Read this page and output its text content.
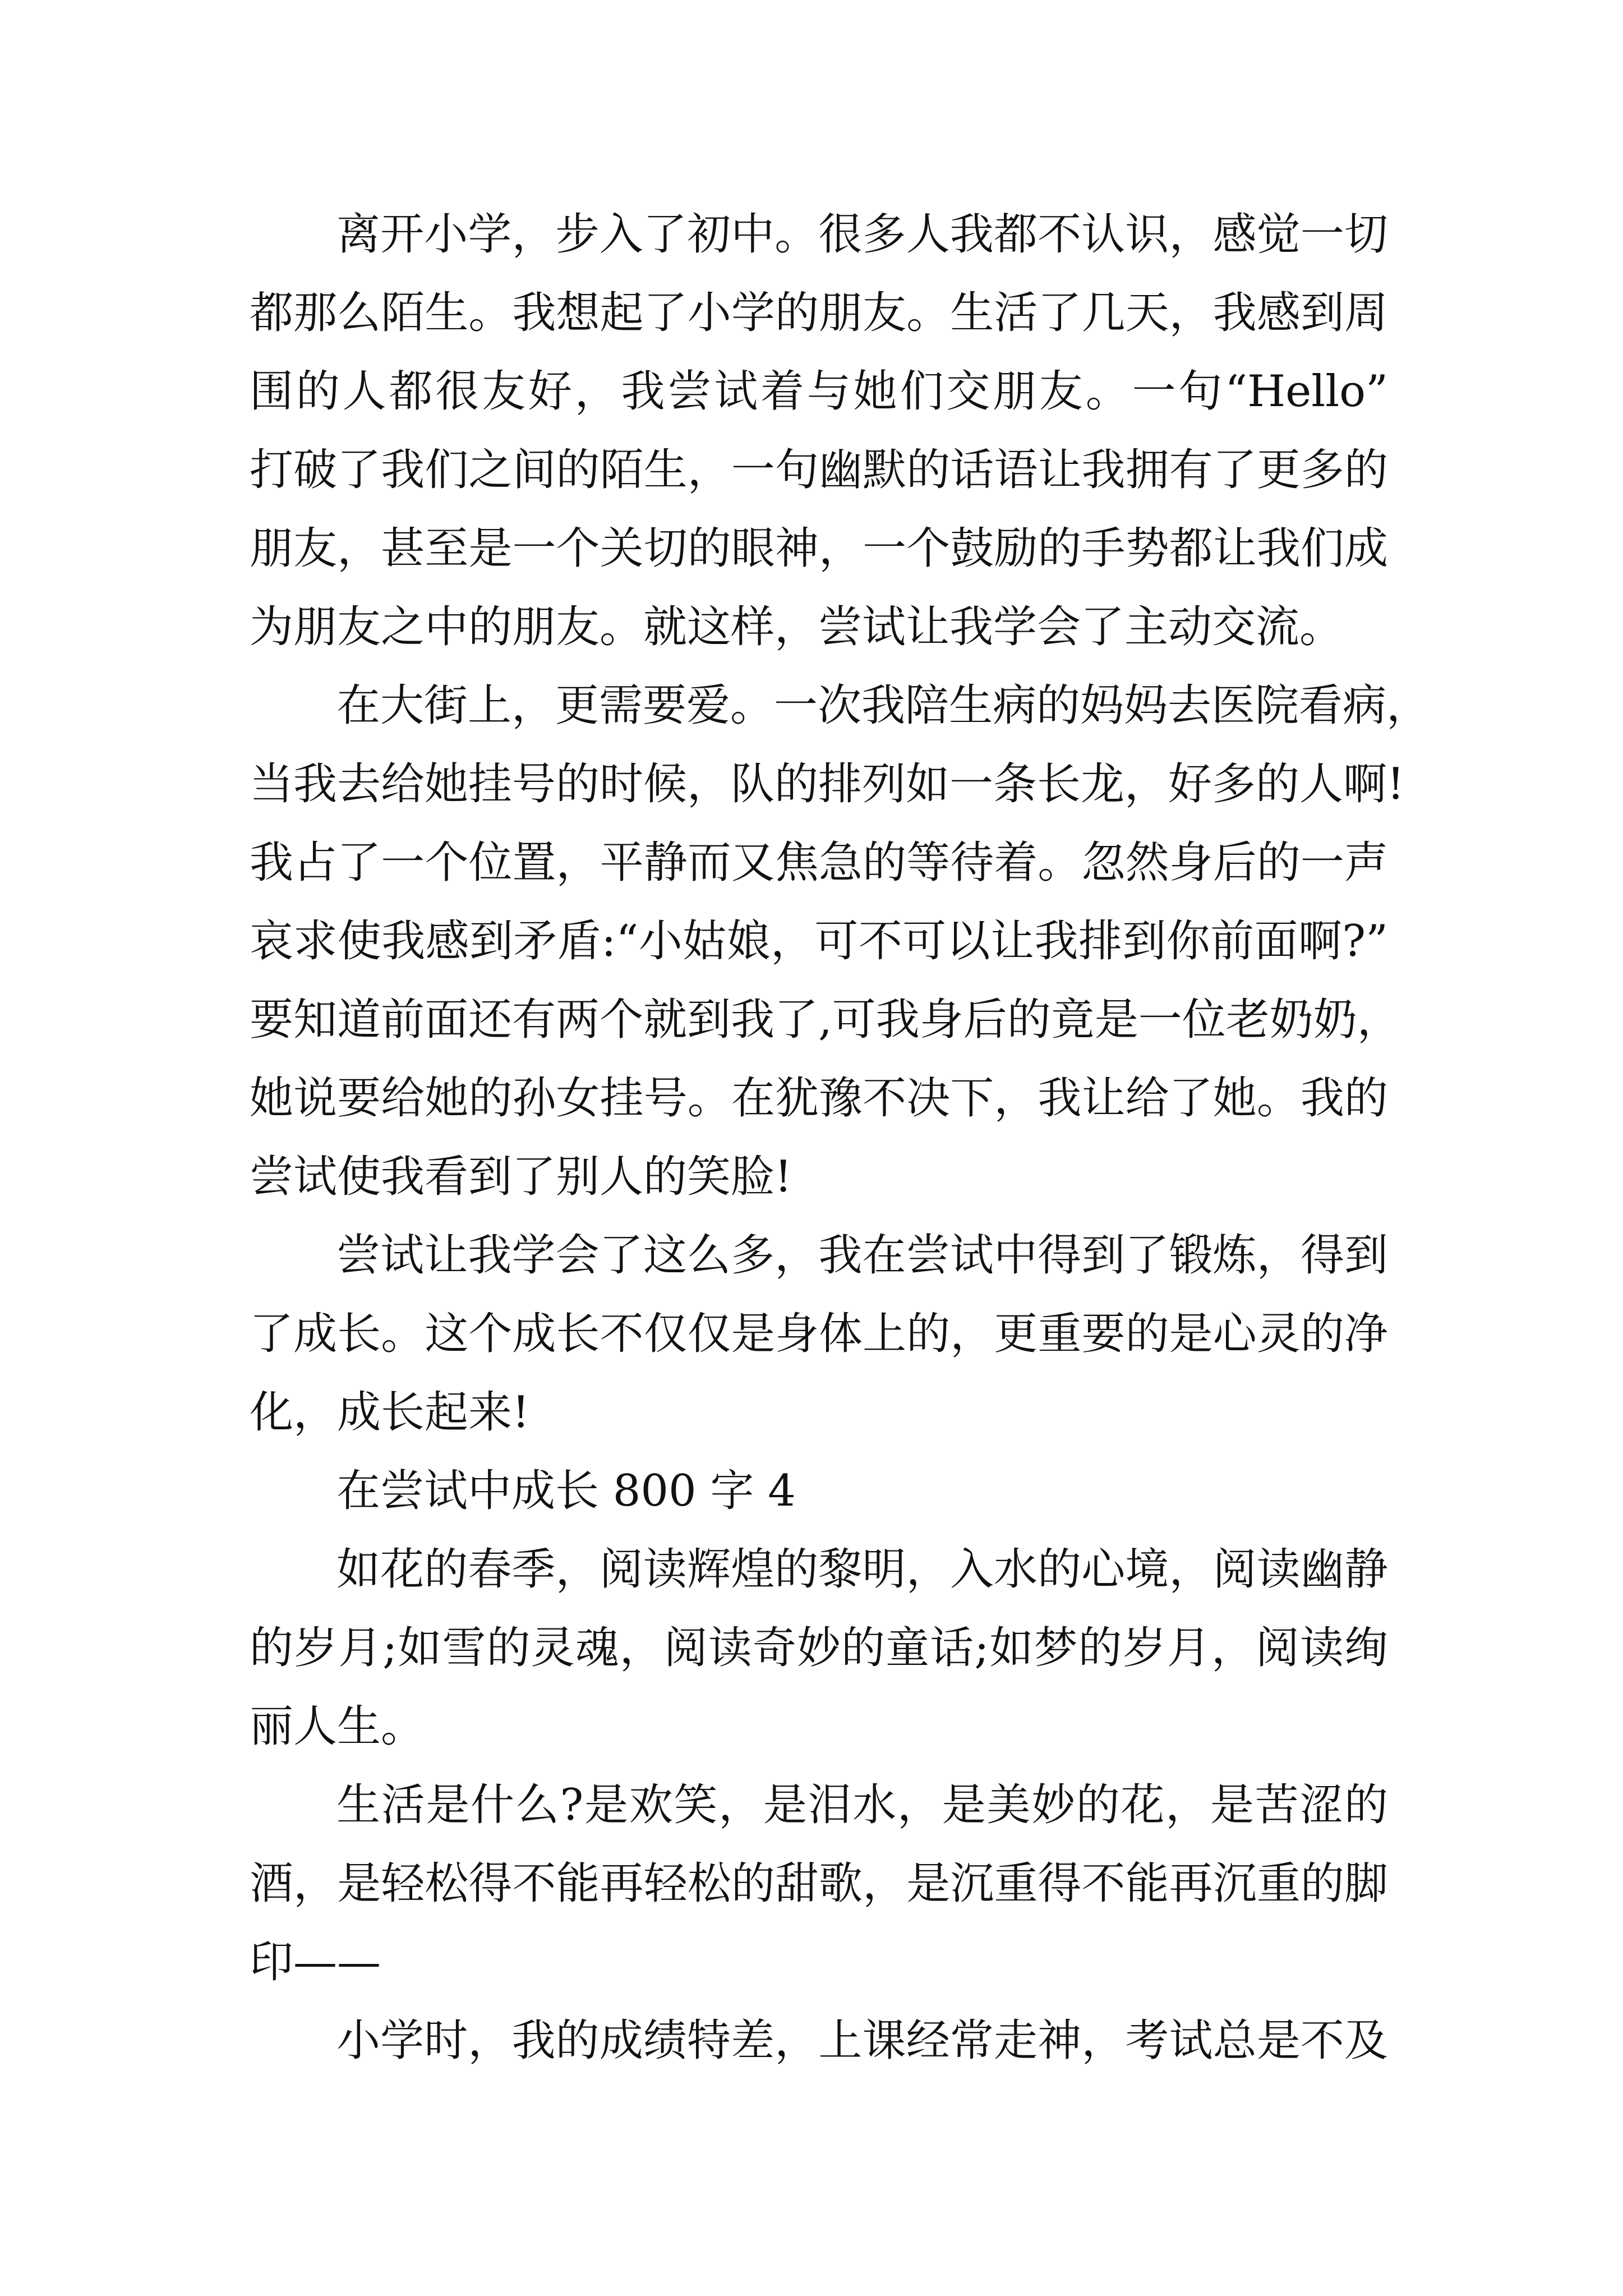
离开小学，步入了初中。很多人我都不认识，感觉一切
都那么陌生。我想起了小学的朋友。生活了几天，我感到周
围的人都很友好，我尝试着与她们交朋友。一句“Hello”
打破了我们之间的陌生，一句幽默的话语让我拥有了更多的
朋友，甚至是一个关切的眼神，一个鼓励的手势都让我们成
为朋友之中的朋友。就这样，尝试让我学会了主动交流。
在大街上，更需要爱。一次我陪生病的妈妈去医院看病，
当我去给她挂号的时候，队的排列如一条长龙，好多的人啊!
我占了一个位置，平静而又焦急的等待着。忽然身后的一声
哀求使我感到矛盾:“小姑娘，可不可以让我排到你前面啊?”
要知道前面还有两个就到我了,可我身后的竟是一位老奶奶，
她说要给她的孙女挂号。在犹豫不决下，我让给了她。我的
尝试使我看到了别人的笑脸!
尝试让我学会了这么多，我在尝试中得到了锻炼，得到
了成长。这个成长不仅仅是身体上的，更重要的是心灵的净
化，成长起来!
在尝试中成长 800 字 4
如花的春季，阅读辉煌的黎明，入水的心境，阅读幽静
的岁月;如雪的灵魂，阅读奇妙的童话;如梦的岁月，阅读绚
丽人生。
生活是什么?是欢笑，是泪水，是美妙的花，是苦涩的
酒，是轻松得不能再轻松的甜歌，是沉重得不能再沉重的脚
印——
小学时，我的成绩特差，上课经常走神，考试总是不及
